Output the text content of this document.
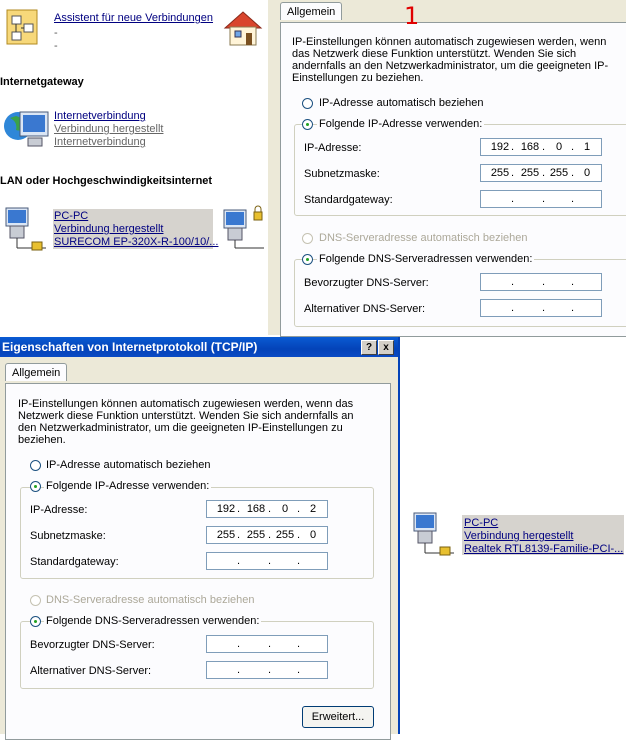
Assistent für neue Verbindungen
-
-
Internetgateway
Internetverbindung
Verbindung hergestellt
Internetverbindung
LAN oder Hochgeschwindigkeitsinternet
PC-PC
Verbindung hergestellt
SURECOM EP-320X-R-100/10/...
Allgemein	1
IP-Einstellungen können automatisch zugewiesen werden, wenn das Netzwerk diese Funktion unterstützt. Wenden Sie sich andernfalls an den Netzwerkadministrator, um die geeigneten IP-Einstellungen zu beziehen.
IP-Adresse automatisch beziehen
Folgende IP-Adresse verwenden:
IP-Adresse:	192 . 168 . 0 . 1
Subnetzmaske:	255 . 255 . 255 . 0
Standardgateway:	.	. .
DNS-Serveradresse automatisch beziehen
Folgende DNS-Serveradressen verwenden:
Bevorzugter DNS-Server:	.	. .
Alternativer DNS-Server:	.	. .
Eigenschaften von Internetprotokoll (TCP/IP)	?	x
Allgemein
IP-Einstellungen können automatisch zugewiesen werden, wenn das Netzwerk diese Funktion unterstützt. Wenden Sie sich andernfalls an den Netzwerkadministrator, um die geeigneten IP-Einstellungen zu beziehen.
IP-Adresse automatisch beziehen
Folgende IP-Adresse verwenden:
IP-Adresse:	192 . 168 . 0 . 2
Subnetzmaske:	255 . 255 . 255 . 0
Standardgateway:	.	. .
DNS-Serveradresse automatisch beziehen
Folgende DNS-Serveradressen verwenden:
Bevorzugter DNS-Server:	.	. .
Alternativer DNS-Server:	.	. .
Erweitert...
PC-PC
Verbindung hergestellt
Realtek RTL8139-Familie-PCI-...
